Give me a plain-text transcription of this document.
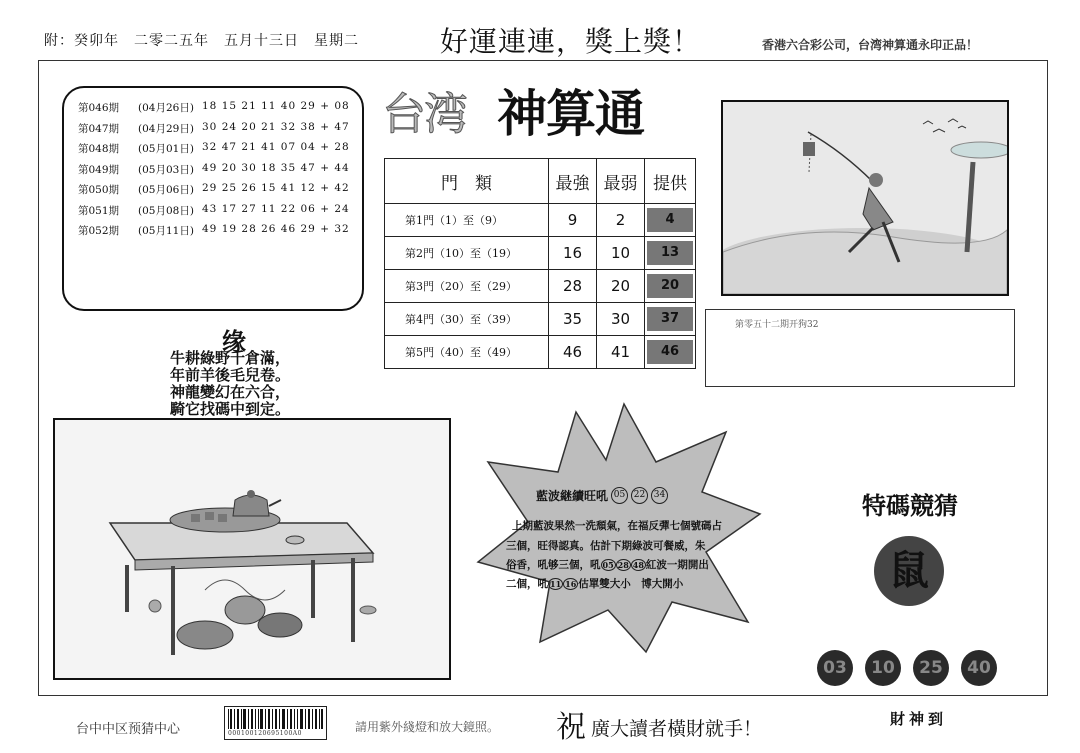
附：癸卯年　二零二五年　五月十三日　星期二	好運連連，獎上獎！	香港六合彩公司，台湾神算通永印正品！
第046期	(04月26日) 18 15 21 11 40 29 + 08
第047期	(04月29日) 30 24 20 21 32 38 + 47
第048期	(05月01日) 32 47 21 41 07 04 + 28
第049期	(05月03日) 49 20 30 18 35 47 + 44
第050期	(05月06日) 29 25 26 15 41 12 + 42
第051期	(05月08日) 43 17 27 11 22 06 + 24
第052期	(05月11日) 49 19 28 26 46 29 + 32
台湾 神算通
門　類	最強	最弱	提供
第1門（1）至（9）	9	2	4

第2門（10）至（19）	16	10	13

第3門（20）至（29）	28	20	20

第4門（30）至（39）	35	30	37

第5門（40）至（49）	46	41	46
第零五十二期开狗32
缘
牛耕綠野千倉滿，
年前羊後毛兒卷。
神龍變幻在六合，
騎它找碼中到定。
藍波継續旺吼 05 22 34
上期藍波果然一洗頹氣，在福反彈七個號碼占
三個，旺得認真。估計下期綠波可餐威，朱
俗香，吼够三個，吼 05 28 48 紅波一期開出
二個，吼 11 16 估單雙大小　博大開小
特碼競猜
鼠
03	10	25	40
台中中区预猜中心	000100120695100A0	請用紫外綫燈和放大鏡照。 祝 廣大讀者橫財就手！	財神到
